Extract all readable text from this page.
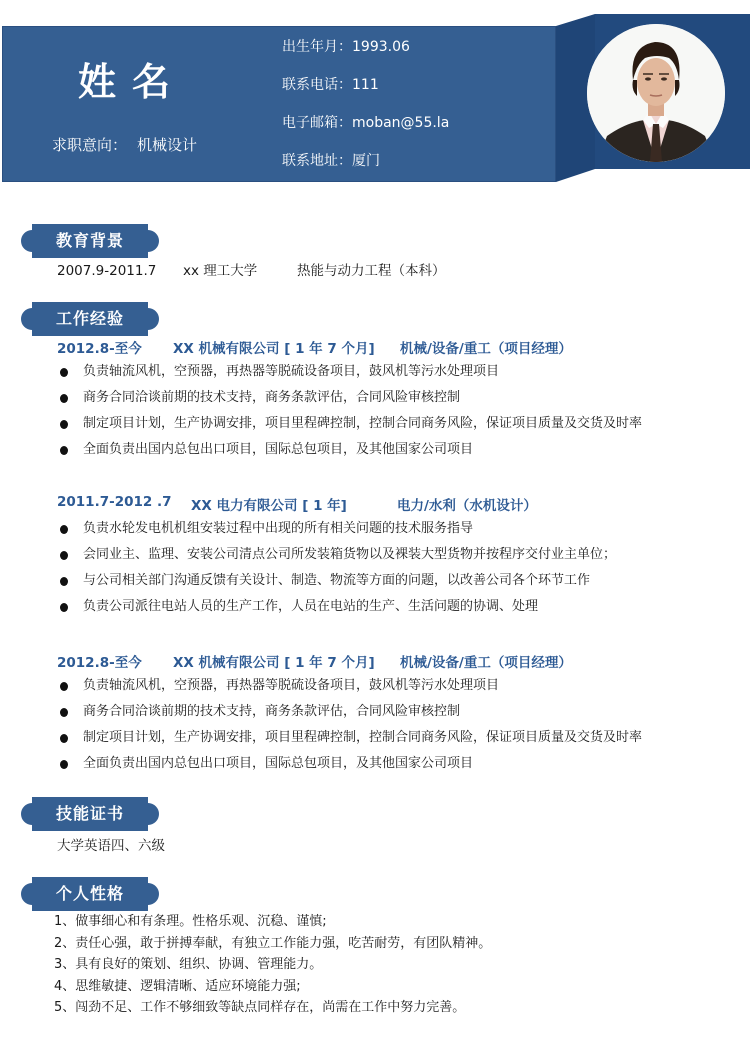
姓名
求职意向： 机械设计
出生年月：1993.06
联系电话：111
电子邮箱：moban@55.la
联系地址：厦门
教育背景
2007.9-2011.7 xx 理工大学	热能与动力工程（本科）
工作经验
2012.8-至今 XX 机械有限公司 [ 1 年 7 个月] 机械/设备/重工（项目经理）
负责轴流风机，空预器，再热器等脱硫设备项目，鼓风机等污水处理项目
商务合同洽谈前期的技术支持，商务条款评估，合同风险审核控制
制定项目计划，生产协调安排，项目里程碑控制，控制合同商务风险，保证项目质量及交货及时率
全面负责出国内总包出口项目，国际总包项目，及其他国家公司项目
2011.7-2012 .7 XX 电力有限公司 [ 1 年]	电力/水利（水机设计）
负责水轮发电机机组安装过程中出现的所有相关问题的技术服务指导
会同业主、监理、安装公司清点公司所发装箱货物以及裸装大型货物并按程序交付业主单位；
与公司相关部门沟通反馈有关设计、制造、物流等方面的问题，以改善公司各个环节工作
负责公司派往电站人员的生产工作，人员在电站的生产、生活问题的协调、处理
2012.8-至今 XX 机械有限公司 [ 1 年 7 个月] 机械/设备/重工（项目经理）
负责轴流风机，空预器，再热器等脱硫设备项目，鼓风机等污水处理项目
商务合同洽谈前期的技术支持，商务条款评估，合同风险审核控制
制定项目计划，生产协调安排，项目里程碑控制，控制合同商务风险，保证项目质量及交货及时率
全面负责出国内总包出口项目，国际总包项目，及其他国家公司项目
技能证书
大学英语四、六级
个人性格
1、做事细心和有条理。性格乐观、沉稳、谨慎;
2、责任心强，敢于拼搏奉献，有独立工作能力强，吃苦耐劳，有团队精神。
3、具有良好的策划、组织、协调、管理能力。
4、思维敏捷、逻辑清晰、适应环境能力强;
5、闯劲不足、工作不够细致等缺点同样存在，尚需在工作中努力完善。
